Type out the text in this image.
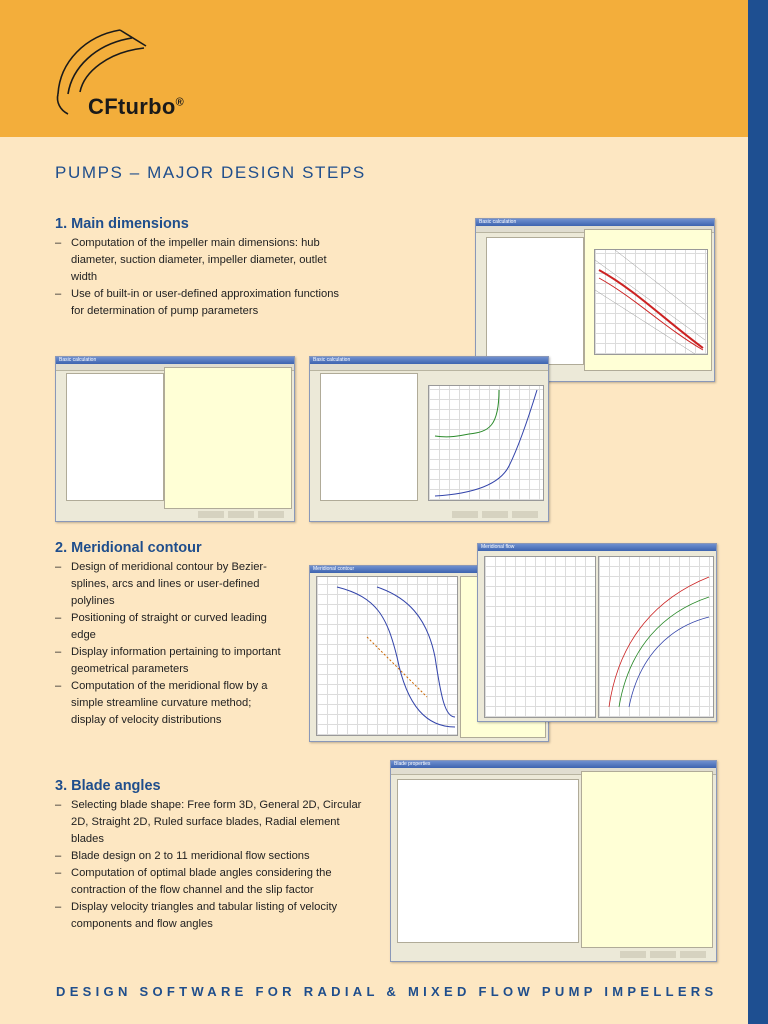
CFturbo®
PUMPS – MAJOR DESIGN STEPS
1. Main dimensions
– Computation of the impeller main dimensions: hub diameter, suction diameter, impeller diameter, outlet width
– Use of built-in or user-defined approximation functions for determination of pump parameters
2. Meridional contour
– Design of meridional contour by Bezier-splines, arcs and lines or user-defined polylines
– Positioning of straight or curved leading edge
– Display information pertaining to important geometrical parameters
– Computation of the meridional flow by a simple streamline curvature method; display of velocity distributions
3. Blade angles
– Selecting blade shape: Free form 3D, General 2D, Circular 2D, Straight 2D, Ruled surface blades, Radial element blades
– Blade design on 2 to 11 meridional flow sections
– Computation of optimal blade angles considering the contraction of the flow channel and the slip factor
– Display velocity triangles and tabular listing of velocity components and flow angles
Basic calculation
Basic calculation	Basic calculation
Meridional contour
Meridional flow
Blade properties
DESIGN SOFTWARE FOR RADIAL & MIXED FLOW PUMP IMPELLERS
